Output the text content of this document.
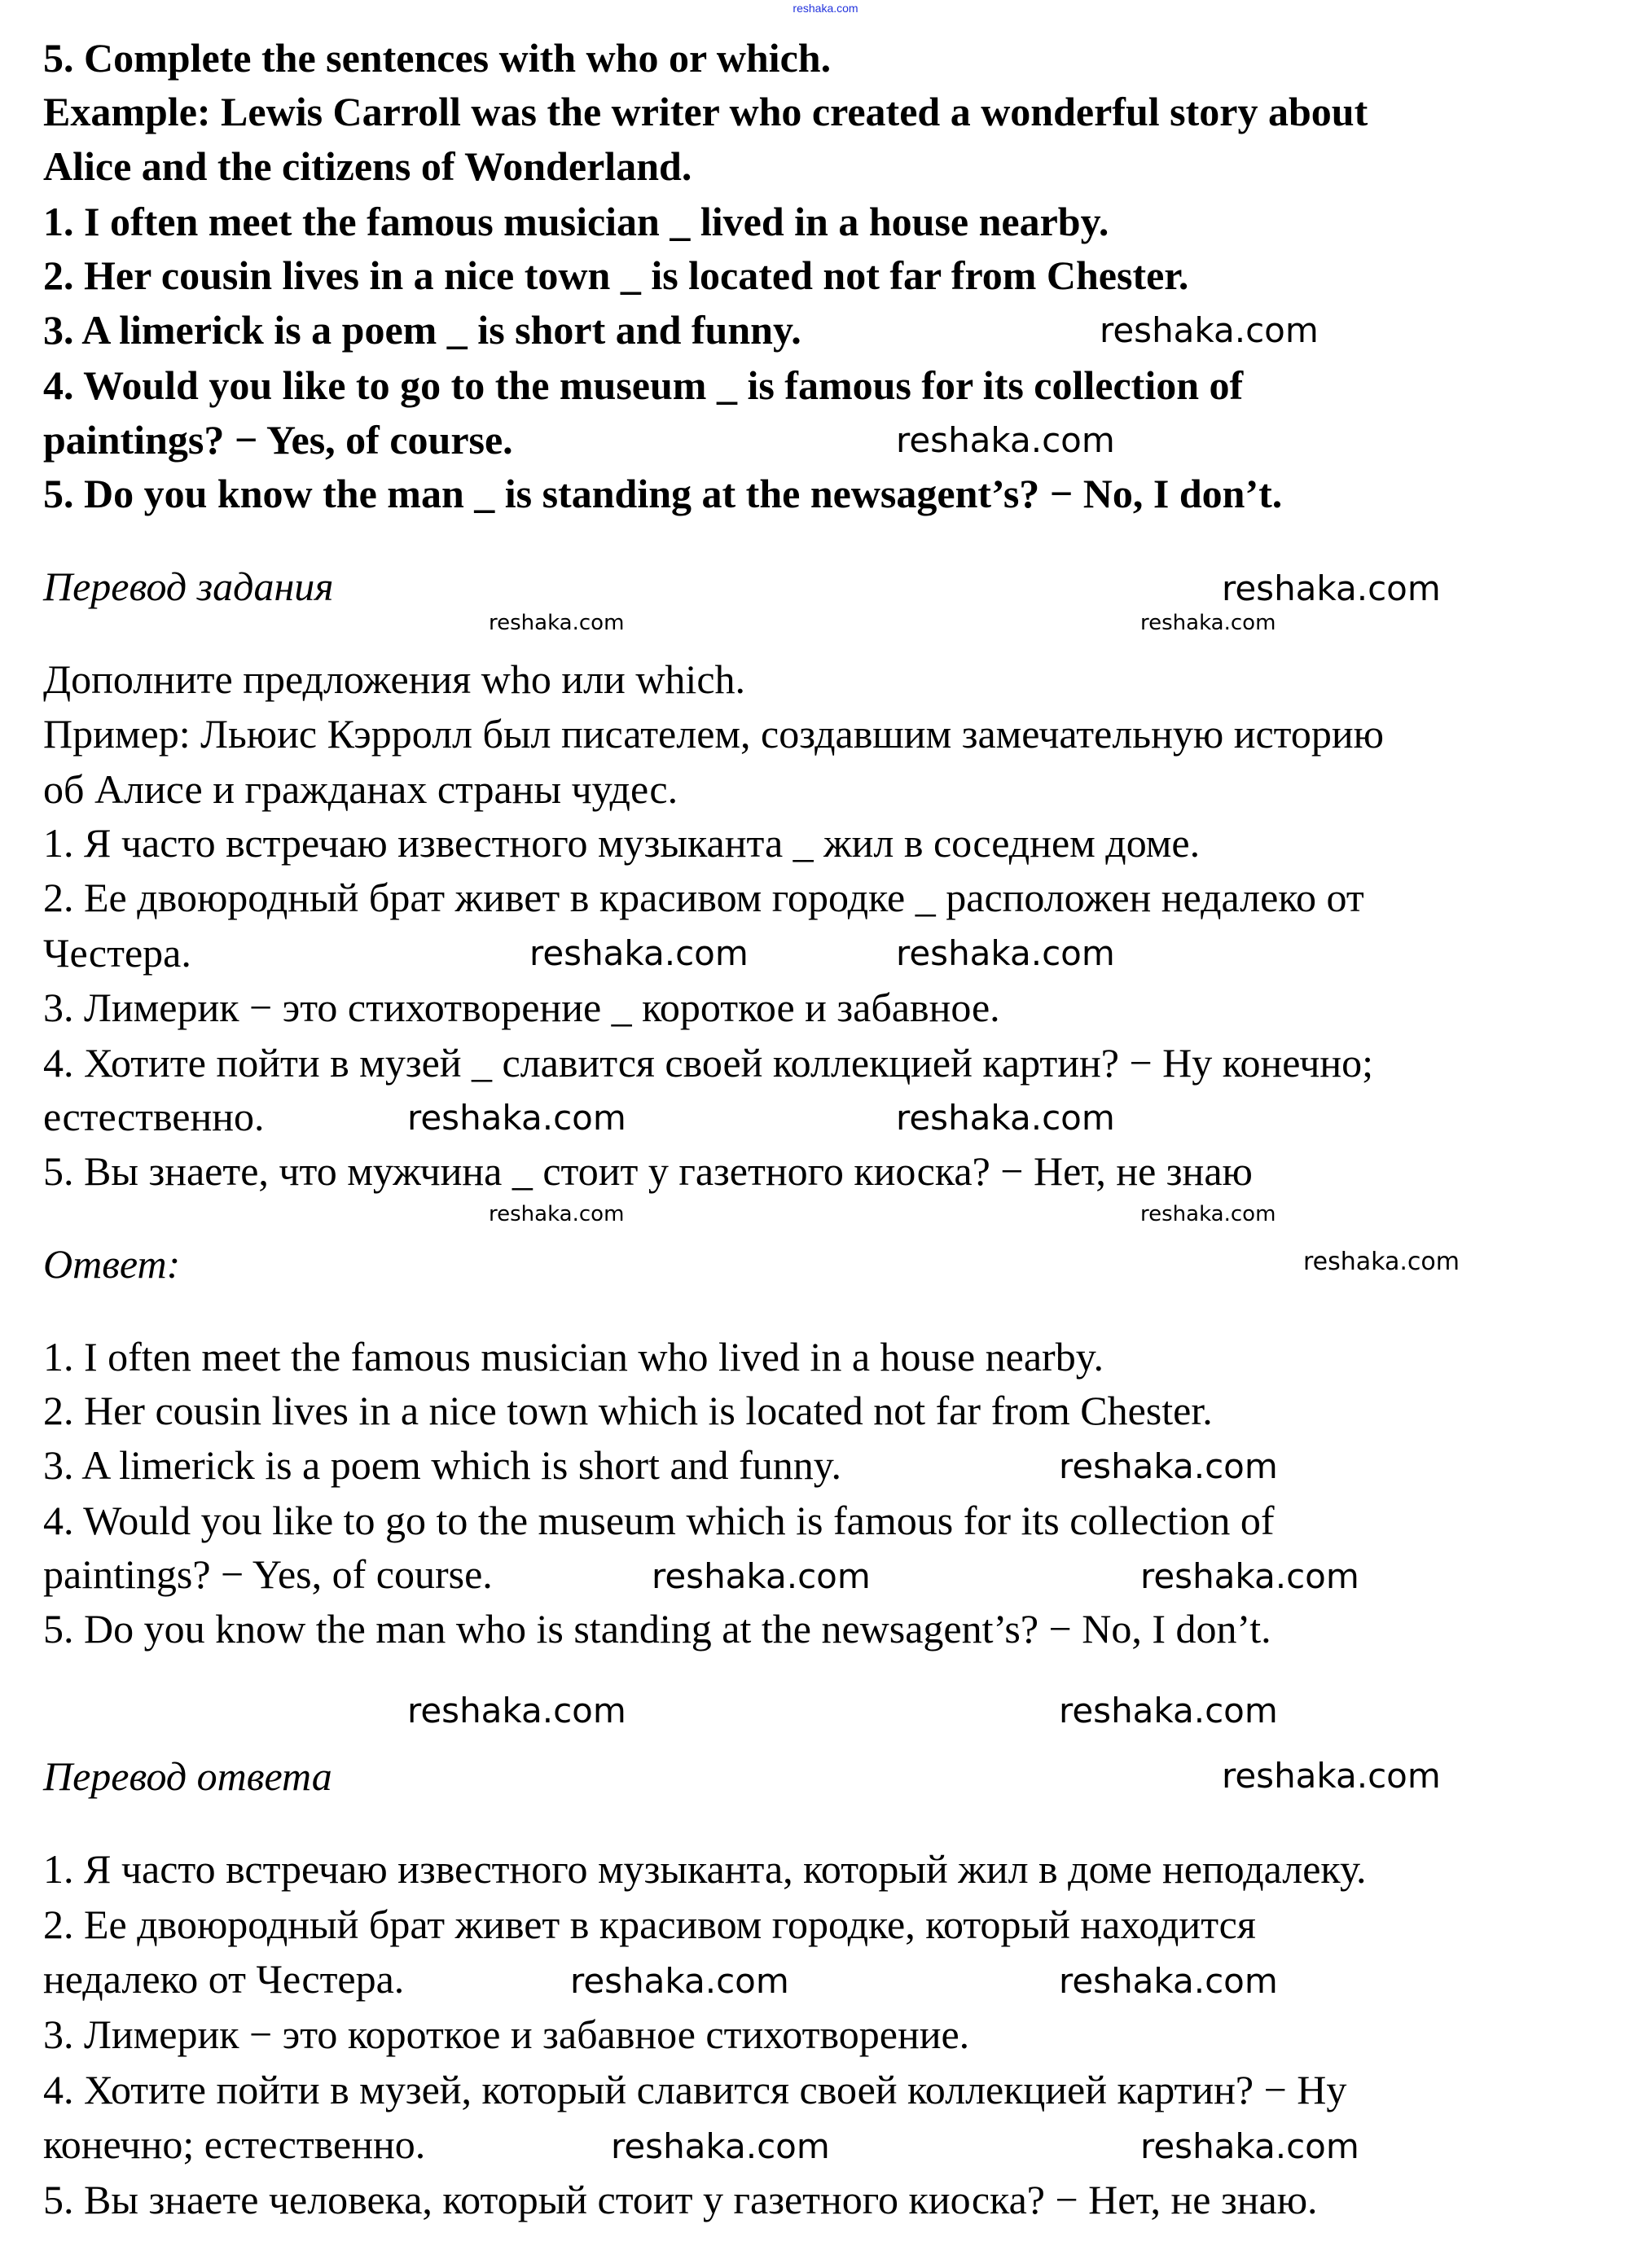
reshaka.com
5. Complete the sentences with who or which.
Example: Lewis Carroll was the writer who created a wonderful story about
Alice and the citizens of Wonderland.
1. I often meet the famous musician _ lived in a house nearby.
2. Her cousin lives in a nice town _ is located not far from Chester.
3. A limerick is a poem _ is short and funny.
4. Would you like to go to the museum _ is famous for its collection of
paintings? − Yes, of course.
5. Do you know the man _ is standing at the newsagent’s? − No, I don’t.
Перевод задания
Дополните предложения who или which.
Пример: Льюис Кэрролл был писателем, создавшим замечательную историю
об Алисе и гражданах страны чудес.
1. Я часто встречаю известного музыканта _ жил в соседнем доме.
2. Ее двоюродный брат живет в красивом городке _ расположен недалеко от
Честера.
3. Лимерик − это стихотворение _ короткое и забавное.
4. Хотите пойти в музей _ славится своей коллекцией картин? − Ну конечно;
естественно.
5. Вы знаете, что мужчина _ стоит у газетного киоска? − Нет, не знаю
Ответ:
1. I often meet the famous musician who lived in a house nearby.
2. Her cousin lives in a nice town which is located not far from Chester.
3. A limerick is a poem which is short and funny.
4. Would you like to go to the museum which is famous for its collection of
paintings? − Yes, of course.
5. Do you know the man who is standing at the newsagent’s? − No, I don’t.
Перевод ответа
1. Я часто встречаю известного музыканта, который жил в доме неподалеку.
2. Ее двоюродный брат живет в красивом городке, который находится
недалеко от Честера.
3. Лимерик − это короткое и забавное стихотворение.
4. Хотите пойти в музей, который славится своей коллекцией картин? − Ну
конечно; естественно.
5. Вы знаете человека, который стоит у газетного киоска? − Нет, не знаю.
reshaka.com
reshaka.com
reshaka.com
reshaka.com	reshaka.com
reshaka.com	reshaka.com
reshaka.com	reshaka.com
reshaka.com	reshaka.com
reshaka.com
reshaka.com
reshaka.com	reshaka.com
reshaka.com	reshaka.com
reshaka.com
reshaka.com	reshaka.com
reshaka.com	reshaka.com
